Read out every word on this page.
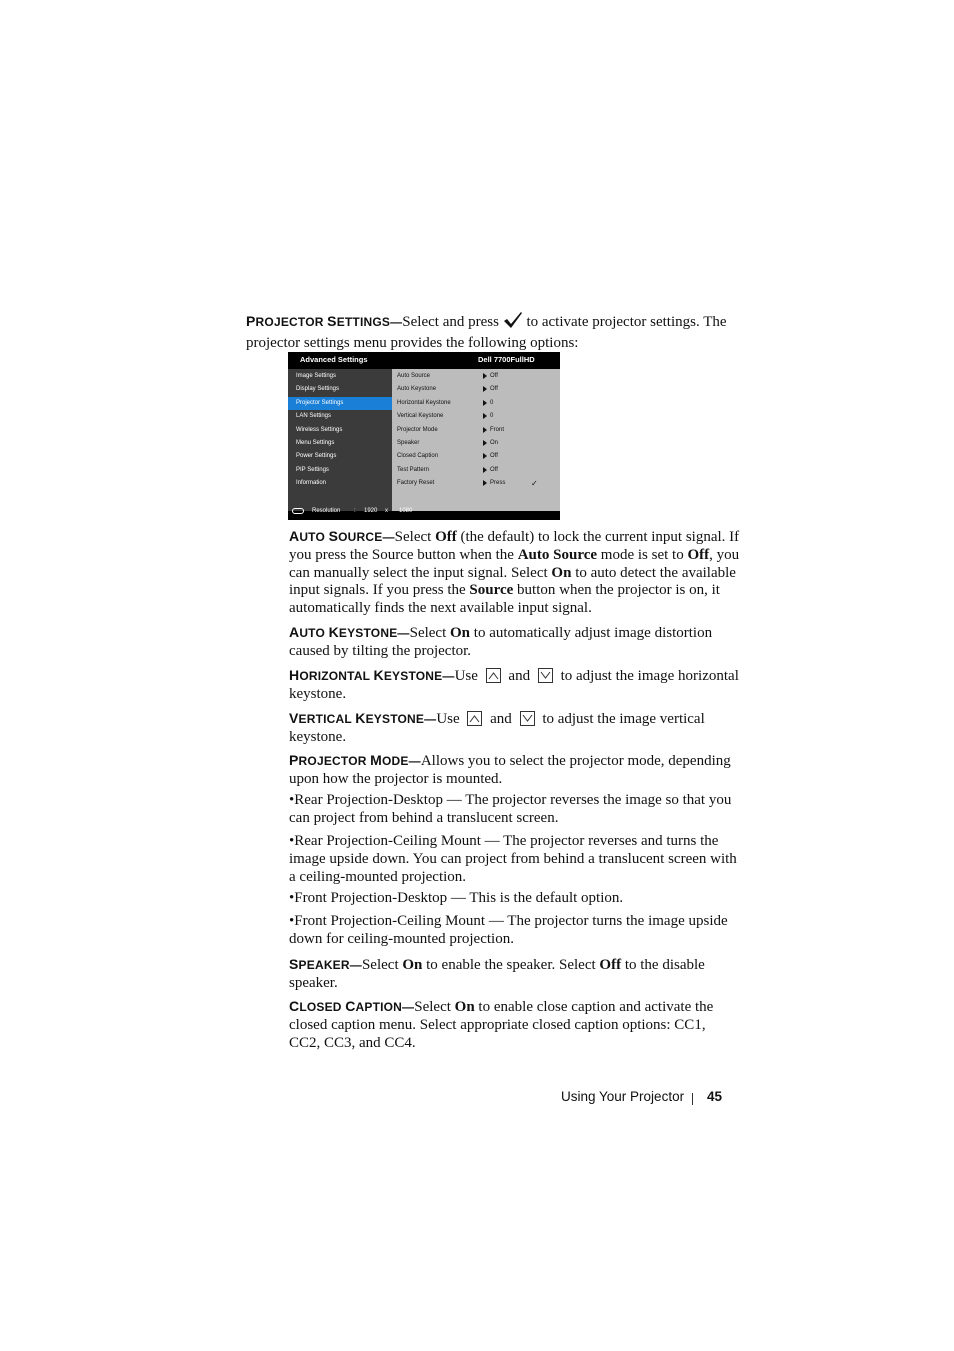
PROJECTOR SETTINGS—Select and press  to activate projector settings. The
projector settings menu provides the following options:
Advanced Settings	Dell 7700FullHD
Image Settings
Display Settings
Projector Settings
LAN Settings
Wireless Settings
Menu Settings
Power Settings
PIP Settings
Information
Auto Source	Off
Auto Keystone	Off
Horizontal Keystone	0
Vertical Keystone	0
Projector Mode	Front
Speaker	On
Closed Caption	Off
Test Pattern	Off
Factory Reset	Press	✓
Resolution : 1920 x 1080
AUTO SOURCE—Select Off (the default) to lock the current input signal. If
you press the Source button when the Auto Source mode is set to Off, you
can manually select the input signal. Select On to auto detect the available
input signals. If you press the Source button when the projector is on, it
automatically finds the next available input signal.
AUTO KEYSTONE—Select On to automatically adjust image distortion
caused by tilting the projector.
HORIZONTAL KEYSTONE—Use
and
to adjust the image horizontal
keystone.
VERTICAL KEYSTONE—Use
and
to adjust the image vertical
keystone.
PROJECTOR MODE—Allows you to select the projector mode, depending
upon how the projector is mounted.
•Rear Projection-Desktop — The projector reverses the image so that you
can project from behind a translucent screen.
•Rear Projection-Ceiling Mount — The projector reverses and turns the
image upside down. You can project from behind a translucent screen with
a ceiling-mounted projection.
•Front Projection-Desktop — This is the default option.
•Front Projection-Ceiling Mount — The projector turns the image upside
down for ceiling-mounted projection.
SPEAKER—Select On to enable the speaker. Select Off to the disable
speaker.
CLOSED CAPTION—Select On to enable close caption and activate the
closed caption menu. Select appropriate closed caption options: CC1,
CC2, CC3, and CC4.
Using Your Projector 45
